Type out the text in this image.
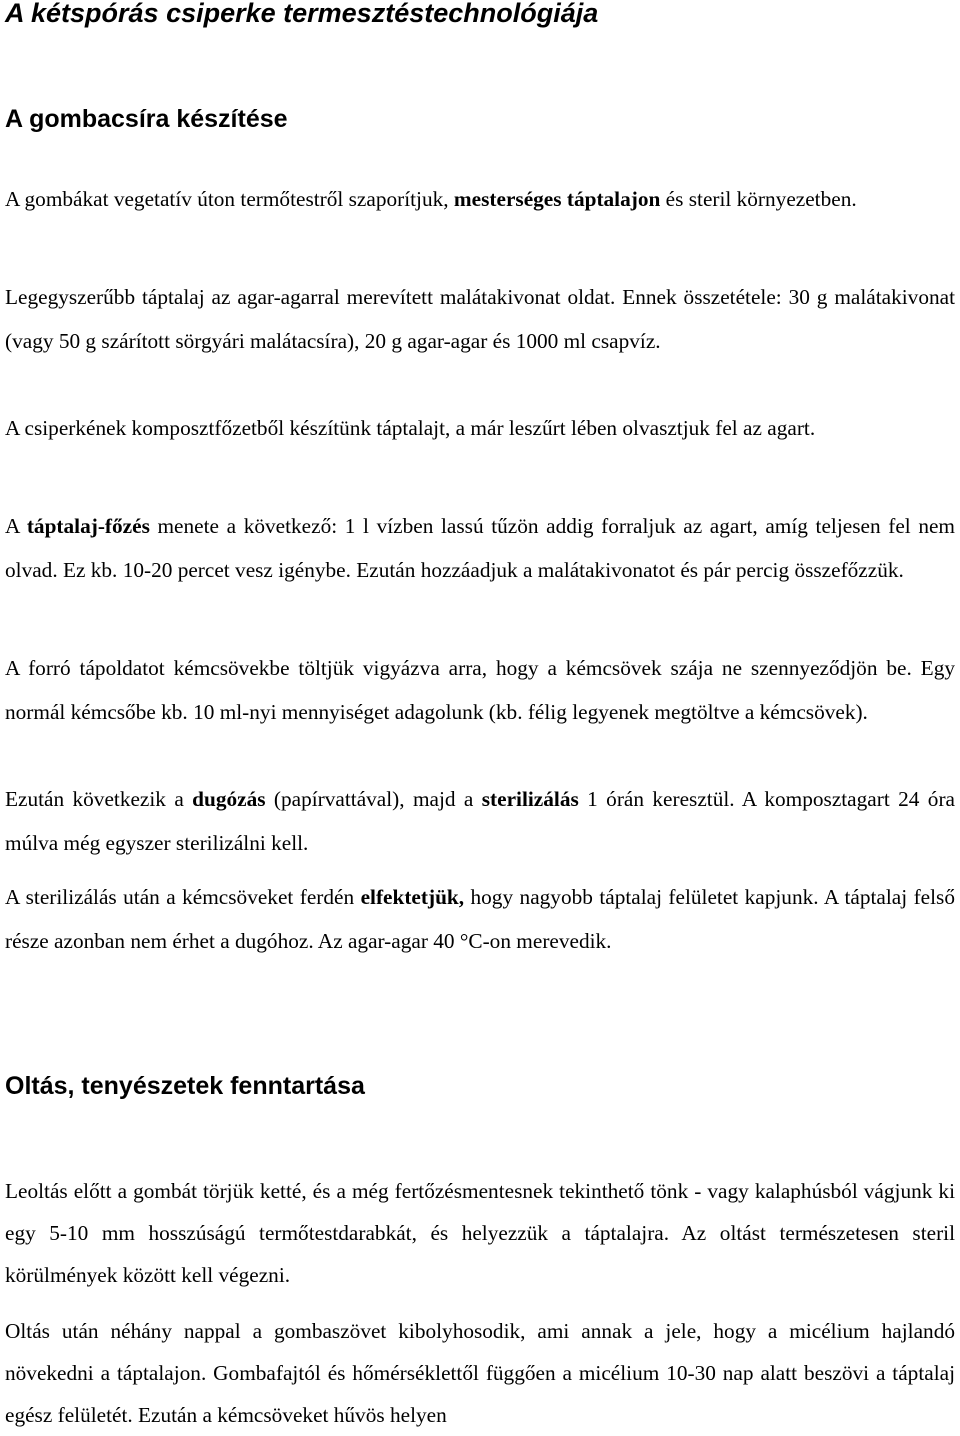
A kétspórás csiperke termesztéstechnológiája
A gombacsíra készítése

A gombákat vegetatív úton termőtestről szaporítjuk, mesterséges táptalajon és steril környezetben.

Legegyszerűbb táptalaj az agar-agarral merevített malátakivonat oldat. Ennek összetétele: 30 g malátakivonat (vagy 50 g szárított sörgyári malátacsíra), 20 g agar-agar és 1000 ml csapvíz.

A csiperkének komposztfőzetből készítünk táptalajt, a már leszűrt lében olvasztjuk fel az agart.

A táptalaj-főzés menete a következő: 1 l vízben lassú tűzön addig forraljuk az agart, amíg teljesen fel nem olvad. Ez kb. 10-20 percet vesz igénybe. Ezután hozzáadjuk a malátakivonatot és pár percig összefőzzük.

A forró tápoldatot kémcsövekbe töltjük vigyázva arra, hogy a kémcsövek szája ne szennyeződjön be. Egy normál kémcsőbe kb. 10 ml-nyi mennyiséget adagolunk (kb. félig legyenek megtöltve a kémcsövek).

Ezután következik a dugózás (papírvattával), majd a sterilizálás 1 órán keresztül. A komposztagart 24 óra múlva még egyszer sterilizálni kell.

A sterilizálás után a kémcsöveket ferdén elfektetjük, hogy nagyobb táptalaj felületet kapjunk. A táptalaj felső része azonban nem érhet a dugóhoz. Az agar-agar 40 °C-on merevedik.

Oltás, tenyészetek fenntartása

Leoltás előtt a gombát törjük ketté, és a még fertőzésmentesnek tekinthető tönk - vagy kalaphúsból vágjunk ki egy 5-10 mm hosszúságú termőtestdarabkát, és helyezzük a táptalajra. Az oltást természetesen steril körülmények között kell végezni.

Oltás után néhány nappal a gombaszövet kibolyhosodik, ami annak a jele, hogy a micélium hajlandó növekedni a táptalajon. Gombafajtól és hőmérséklettől függően a micélium 10-30 nap alatt beszövi a táptalaj egész felületét. Ezután a kémcsöveket hűvös helyen
